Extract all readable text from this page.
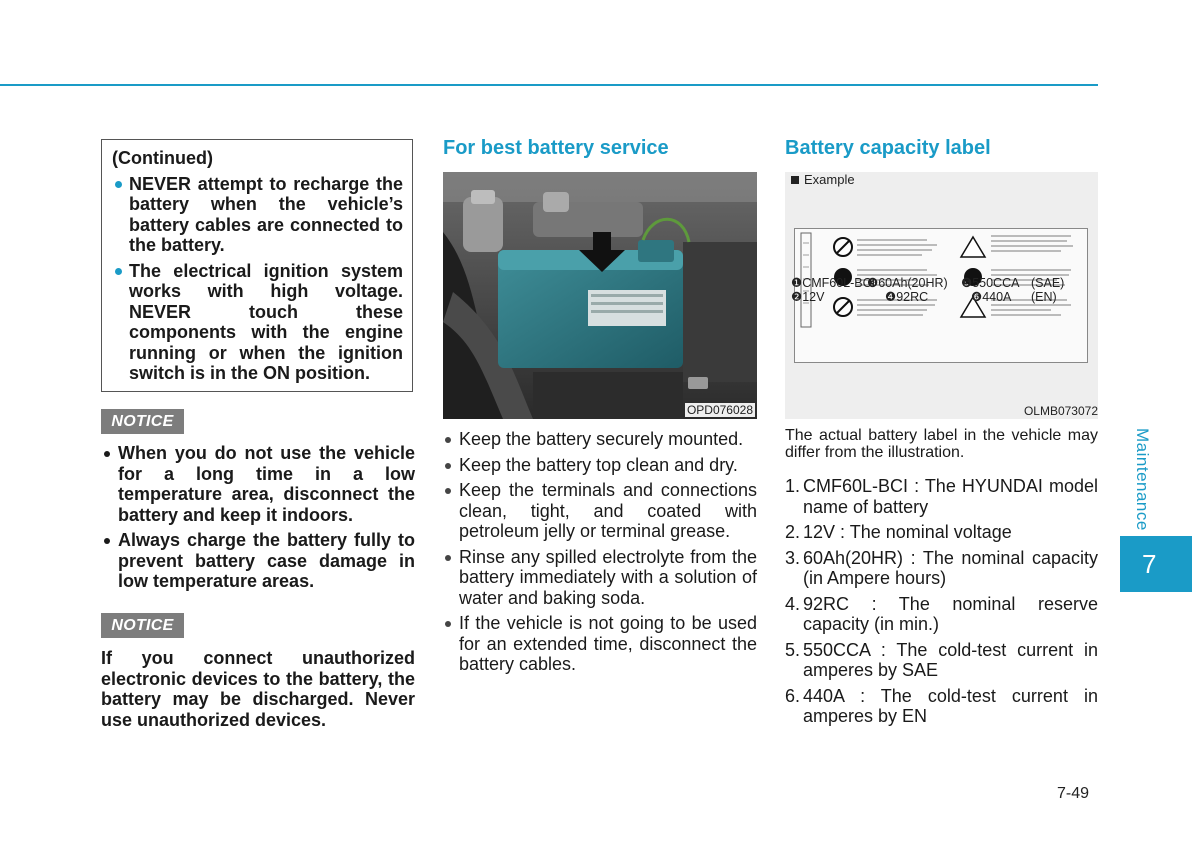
(Continued)

NEVER attempt to recharge the battery when the vehicle’s battery cables are connected to the battery.
The electrical ignition system works with high voltage. NEVER touch these components with the engine running or when the ignition switch is in the ON position.
NOTICE
When you do not use the vehicle for a long time in a low temperature area, disconnect the battery and keep it indoors.
Always charge the battery fully to prevent battery case damage in low temperature areas.
NOTICE

If you connect unauthorized electronic devices to the battery, the battery may be discharged. Never use unauthorized devices.

For best battery service
OPD076028
Keep the battery securely mounted.
Keep the battery top clean and dry.
Keep the terminals and connections clean, tight, and coated with petroleum jelly or terminal grease.
Rinse any spilled electrolyte from the battery immediately with a solution of water and baking soda.
If the vehicle is not going to be used for an extended time, disconnect the battery cables.
Battery capacity label
Example
❶CMF60L-BCI
❸60Ah(20HR)	❺550CCA (SAE)
❷12V	❹92RC	❻440A	(EN)
OLMB073072

The actual battery label in the vehicle may differ from the illustration.

1. CMF60L-BCI : The HYUNDAI model name of battery
2. 12V : The nominal voltage
3. 60Ah(20HR) : The nominal capacity (in Ampere hours)
4. 92RC : The nominal reserve capacity (in min.)
5. 550CCA : The cold-test current in amperes by SAE
6. 440A : The cold-test current in amperes by EN
Maintenance
7
7-49
